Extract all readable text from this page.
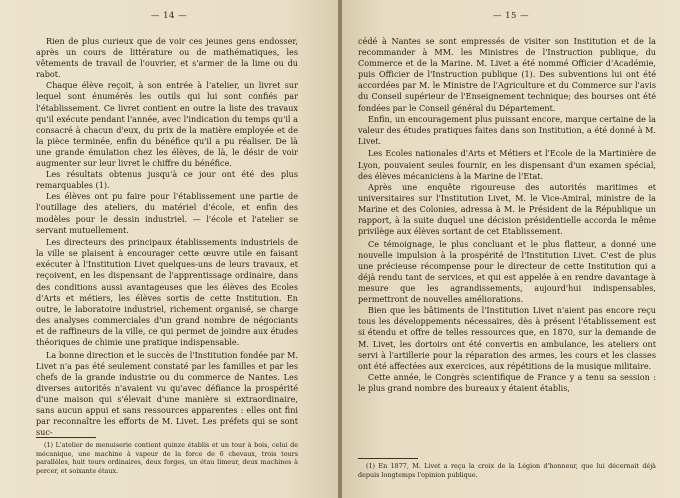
— 14 —

Rien de plus curieux que de voir ces jeunes gens endosser, après un cours de littérature ou de mathématiques, les vêtements de travail de l'ouvrier, et s'armer de la lime ou du rabot.

Chaque élève reçoit, à son entrée à l'atelier, un livret sur lequel sont énumérés les outils qui lui sont confiés par l'établissement. Ce livret contient en outre la liste des travaux qu'il exécute pendant l'année, avec l'indication du temps qu'il a consacré à chacun d'eux, du prix de la matière employée et de la pièce terminée, enfin du bénéfice qu'il a pu réaliser. De là une grande émulation chez les élèves, de là, le désir de voir augmenter sur leur livret le chiffre du bénéfice.

Les résultats obtenus jusqu'à ce jour ont été des plus remarquables (1).

Les élèves ont pu faire pour l'établissement une partie de l'outillage des ateliers, du matériel d'école, et enfin des modèles pour le dessin industriel. — l'école et l'atelier se servant mutuellement.

Les directeurs des principaux établissements industriels de la ville se plaisent à encourager cette œuvre utile en faisant exécuter à l'Institution Livet quelques-uns de leurs travaux, et reçoivent, en les dispensant de l'apprentissage ordinaire, dans des conditions aussi avantageuses que les élèves des Ecoles d'Arts et métiers, les élèves sortis de cette Institution. En outre, le laboratoire industriel, richement organisé, se charge des analyses commerciales d'un grand nombre de négociants et de raffineurs de la ville, ce qui permet de joindre aux études théoriques de chimie une pratique indispensable.

La bonne direction et le succès de l'Institution fondée par M. Livet n'a pas été seulement constaté par les familles et par les chefs de la grande industrie ou du commerce de Nantes. Les diverses autorités n'avaient vu qu'avec défiance la prospérité d'une maison qui s'élevait d'une manière si extraordinaire, sans aucun appui et sans ressources apparentes : elles ont fini par reconnaître les efforts de M. Livet. Les préfets qui se sont suc-

(1) L'atelier de menuiserie contient quinze établis et un tour à bois, celui de mécanique, une machine à vapeur de la force de 6 chevaux, trois tours parallèles, huit tours ordinaires, deux forges, un étau limeur, deux machines à percer, et soixante étaux.

— 15 —

cédé à Nantes se sont empressés de visiter son Institution et de la recommander à MM. les Ministres de l'Instruction publique, du Commerce et de la Marine. M. Livet a été nommé Officier d'Académie, puis Officier de l'Instruction publique (1). Des subventions lui ont été accordées par M. le Ministre de l'Agriculture et du Commerce sur l'avis du Conseil supérieur de l'Enseignement technique; des bourses ont été fondées par le Conseil général du Département.

Enfin, un encouragement plus puissant encore, marque certaine de la valeur des études pratiques faites dans son Institution, a été donné à M. Livet.

Les Ecoles nationales d'Arts et Métiers et l'Ecole de la Martinière de Lyon, pouvaient seules fournir, en les dispensant d'un examen spécial, des élèves mécaniciens à la Marine de l'Etat.

Après une enquête rigoureuse des autorités maritimes et universitaires sur l'Institution Livet, M. le Vice-Amiral, ministre de la Marine et des Colonies, adressa à M. le Président de la République un rapport, à la suite duquel une décision présidentielle accorda le même privilège aux élèves sortant de cet Etablissement.

Ce témoignage, le plus concluant et le plus flatteur, a donné une nouvelle impulsion à la prospérité de l'Institution Livet. C'est de plus une précieuse récompense pour le directeur de cette Institution qui a déjà rendu tant de services, et qui est appelée à en rendre davantage à mesure que les agrandissements, aujourd'hui indispensables, permettront de nouvelles améliorations.

Bien que les bâtiments de l'Institution Livet n'aient pas encore reçu tous les développements nécessaires, dès à présent l'établissement est si étendu et offre de telles ressources que, en 1870, sur la demande de M. Livet, les dortoirs ont été convertis en ambulance, les ateliers ont servi à l'artillerie pour la réparation des armes, les cours et les classes ont été affectées aux exercices, aux répétitions de la musique militaire.

Cette année, le Congrès scientifique de France y a tenu sa session : le plus grand nombre des bureaux y étaient établis,

(1) En 1877, M. Livet a reçu la croix de la Légion d'honneur, que lui décernait déjà depuis longtemps l'opinion publique.
